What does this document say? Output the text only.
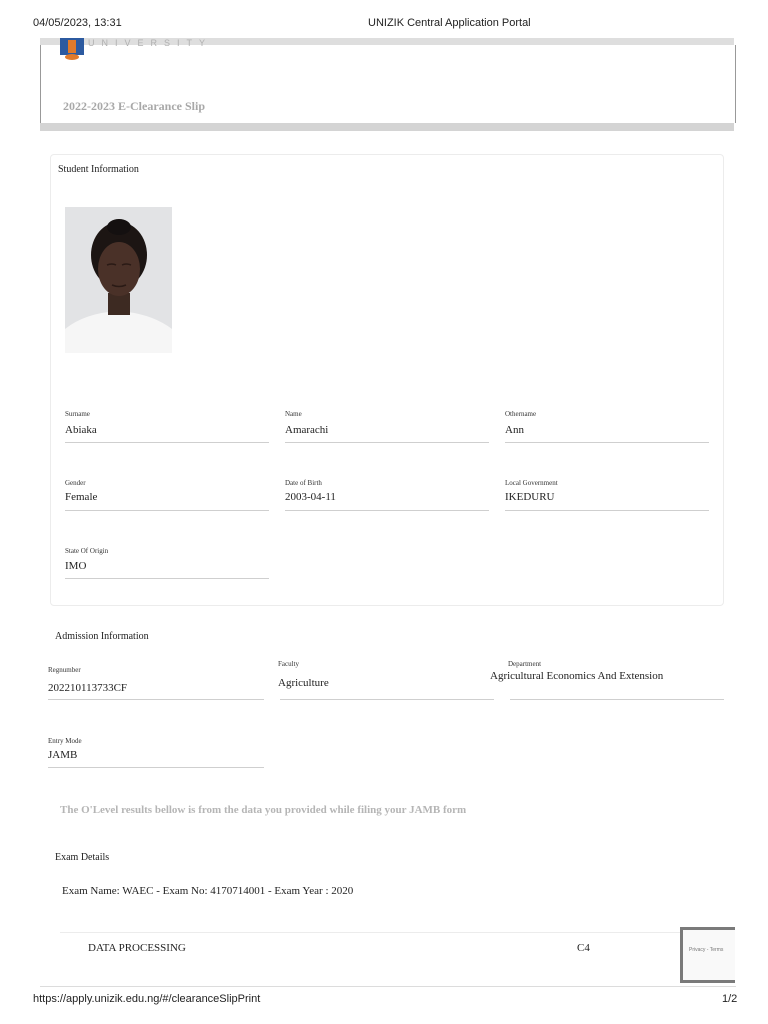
04/05/2023, 13:31	UNIZIK Central Application Portal
UNIVERSITY
2022-2023 E-Clearance Slip
Student Information
Surname
Abiaka
Name
Amarachi
Othername
Ann
Gender
Female
Date of Birth
2003-04-11
Local Government
IKEDURU
State Of Origin
IMO
Admission Information
Regnumber
202210113733CF
Faculty
Agriculture
Department
Agricultural Economics And Extension
Entry Mode
JAMB
The O'Level results bellow is from the data you provided while filing your JAMB form
Exam Details
Exam Name: WAEC - Exam No: 4170714001 - Exam Year : 2020
DATA PROCESSING	C4	Privacy - Terms
https://apply.unizik.edu.ng/#/clearanceSlipPrint	1/2
